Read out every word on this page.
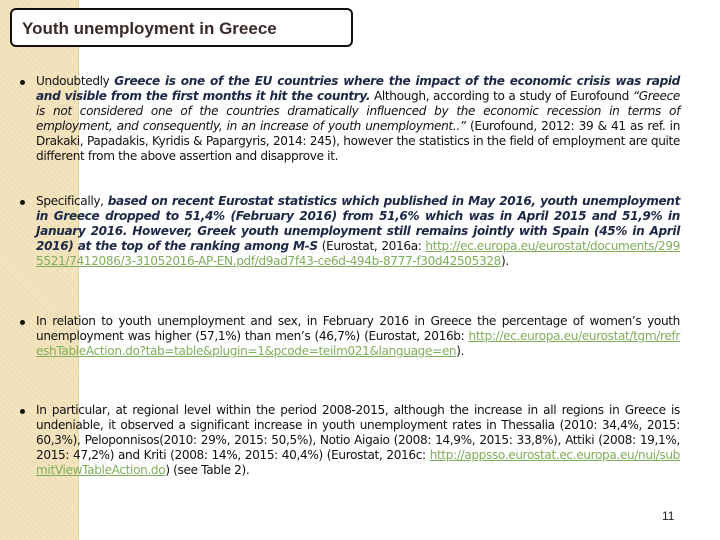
Youth unemployment in Greece
Undoubtedly Greece is one of the EU countries where the impact of the economic crisis was rapid and visible from the first months it hit the country. Although, according to a study of Eurofound “Greece is not considered one of the countries dramatically influenced by the economic recession in terms of employment, and consequently, in an increase of youth unemployment..” (Eurofound, 2012: 39 & 41 as ref. in Drakaki, Papadakis, Kyridis & Papargyris, 2014: 245), however the statistics in the field of employment are quite different from the above assertion and disapprove it.
Specifically, based on recent Eurostat statistics which published in May 2016, youth unemployment in Greece dropped to 51,4% (February 2016) from 51,6% which was in April 2015 and 51,9% in January 2016. However, Greek youth unemployment still remains jointly with Spain (45% in April 2016) at the top of the ranking among M-S (Eurostat, 2016a: http://ec.europa.eu/eurostat/documents/2995521/7412086/3-31052016-AP-EN.pdf/d9ad7f43-ce6d-494b-8777-f30d42505328).
In relation to youth unemployment and sex, in February 2016 in Greece the percentage of women’s youth unemployment was higher (57,1%) than men’s (46,7%) (Eurostat, 2016b: http://ec.europa.eu/eurostat/tgm/refreshTableAction.do?tab=table&plugin=1&pcode=teilm021&language=en).
In particular, at regional level within the period 2008-2015, although the increase in all regions in Greece is undeniable, it observed a significant increase in youth unemployment rates in Thessalia (2010: 34,4%, 2015: 60,3%), Peloponnisos(2010: 29%, 2015: 50,5%), Notio Aigaio (2008: 14,9%, 2015: 33,8%), Attiki (2008: 19,1%, 2015: 47,2%) and Kriti (2008: 14%, 2015: 40,4%) (Eurostat, 2016c: http://appsso.eurostat.ec.europa.eu/nui/submitViewTableAction.do) (see Table 2).
11
